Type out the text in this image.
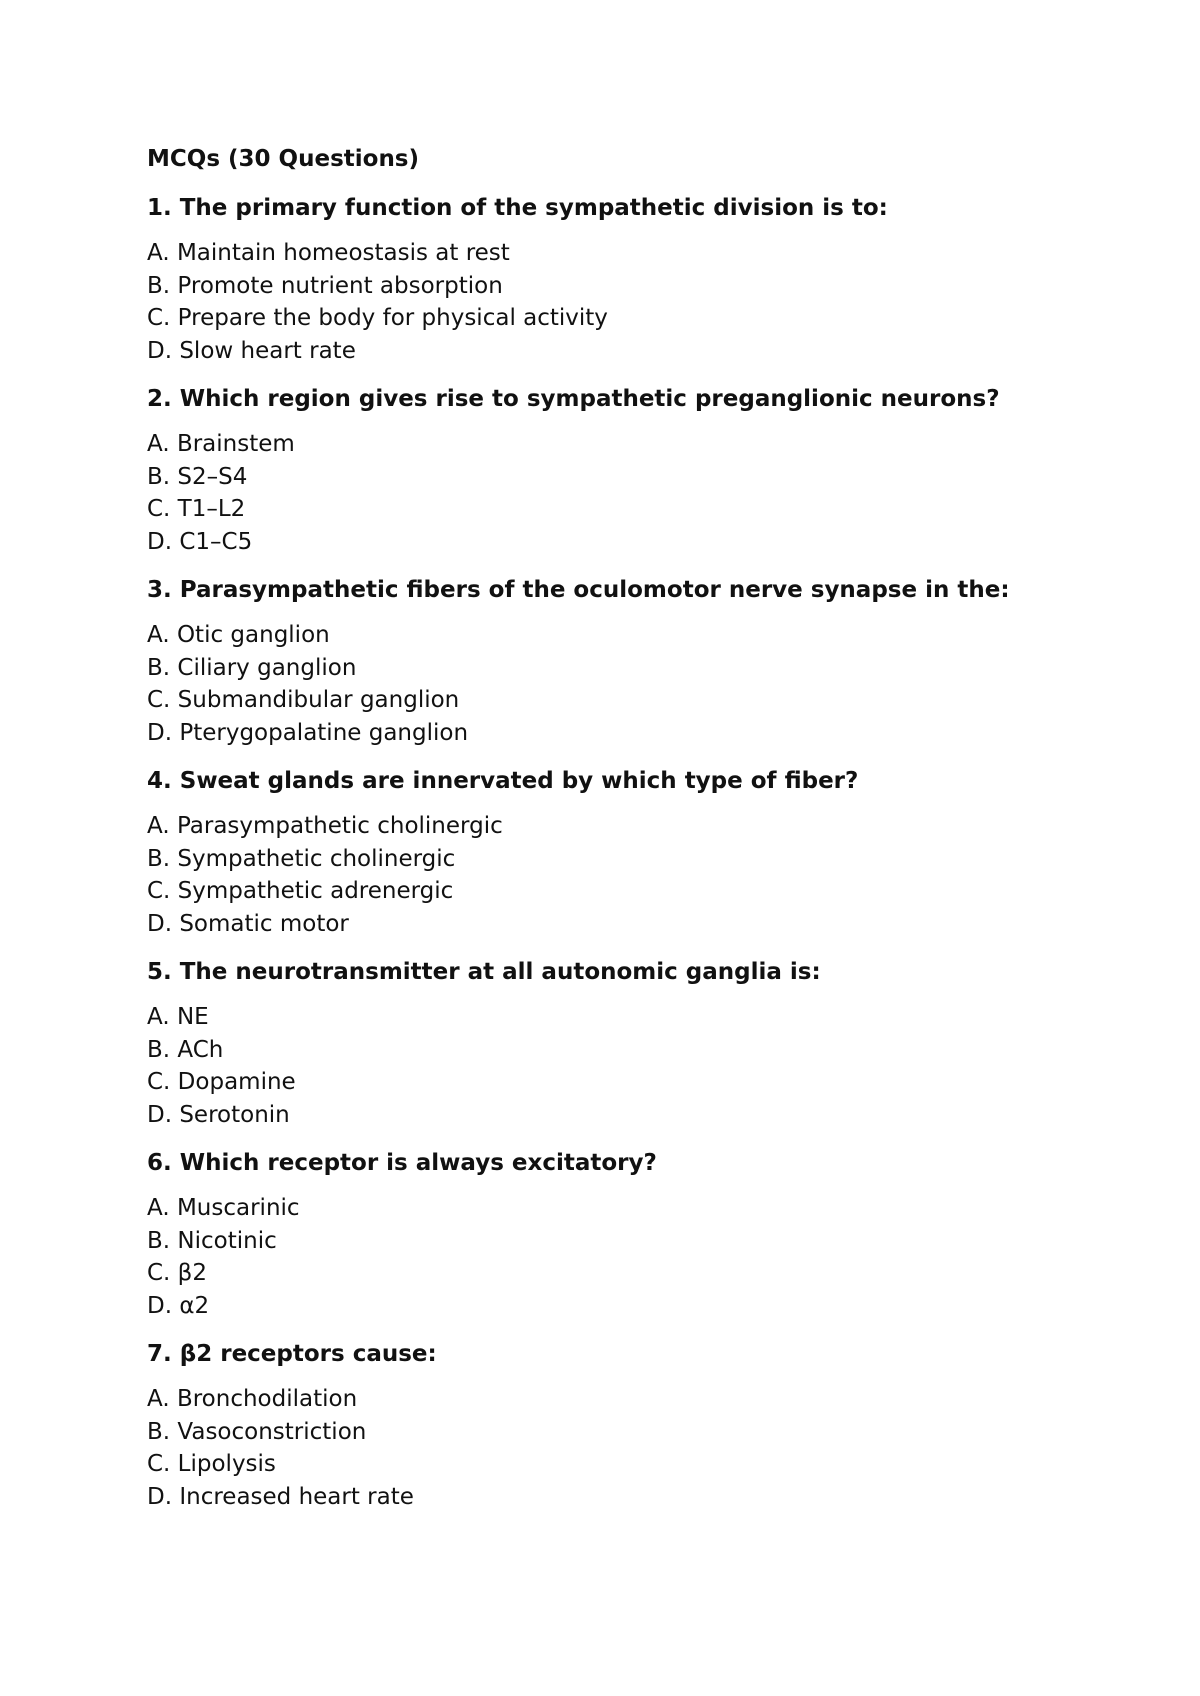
MCQs (30 Questions)

1. The primary function of the sympathetic division is to:

A. Maintain homeostasis at rest

B. Promote nutrient absorption

C. Prepare the body for physical activity

D. Slow heart rate

2. Which region gives rise to sympathetic preganglionic neurons?

A. Brainstem

B. S2–S4

C. T1–L2

D. C1–C5

3. Parasympathetic fibers of the oculomotor nerve synapse in the:

A. Otic ganglion

B. Ciliary ganglion

C. Submandibular ganglion

D. Pterygopalatine ganglion

4. Sweat glands are innervated by which type of fiber?

A. Parasympathetic cholinergic

B. Sympathetic cholinergic

C. Sympathetic adrenergic

D. Somatic motor

5. The neurotransmitter at all autonomic ganglia is:

A. NE

B. ACh

C. Dopamine

D. Serotonin

6. Which receptor is always excitatory?

A. Muscarinic

B. Nicotinic

C. β2

D. α2

7. β2 receptors cause:

A. Bronchodilation

B. Vasoconstriction

C. Lipolysis

D. Increased heart rate
